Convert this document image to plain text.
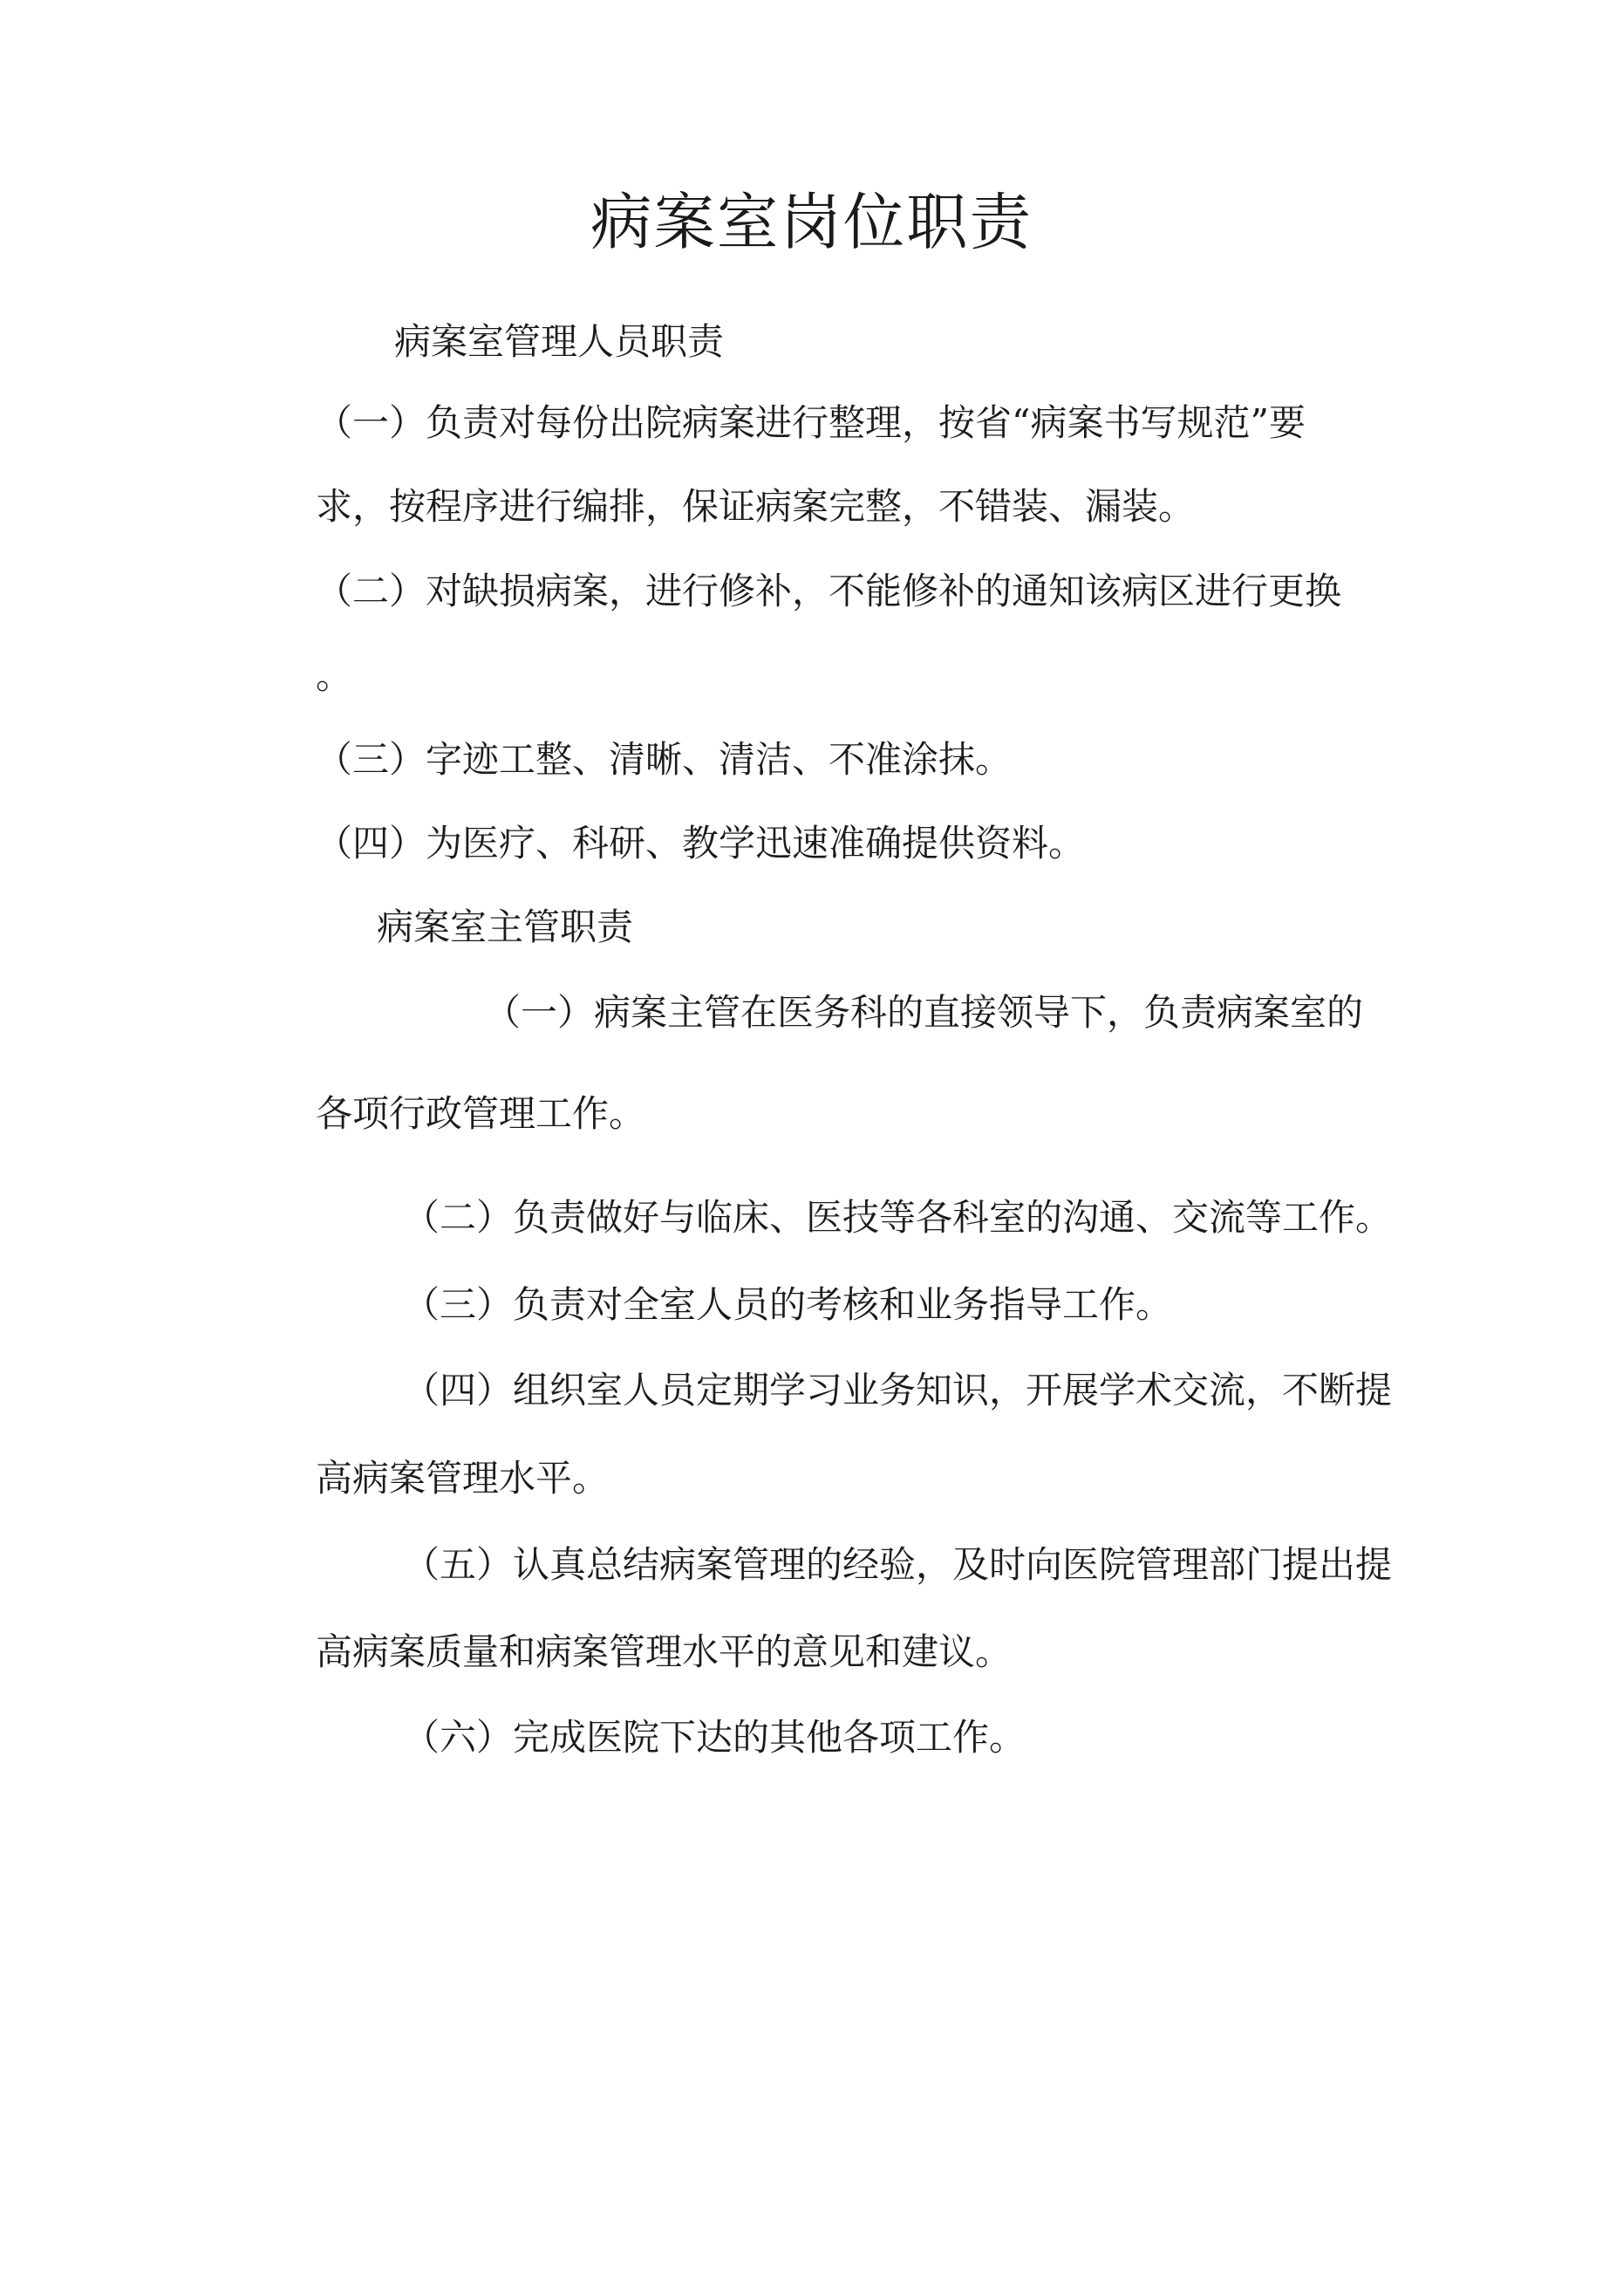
病案室岗位职责
病案室管理人员职责
（一）负责对每份出院病案进行整理，按省“病案书写规范”要
求，按程序进行编排，保证病案完整，不错装、漏装。
（二）对缺损病案，进行修补，不能修补的通知该病区进行更换
。
（三）字迹工整、清晰、清洁、不准涂抹。
（四）为医疗、科研、教学迅速准确提供资料。
病案室主管职责
（一）病案主管在医务科的直接领导下，负责病案室的
各项行政管理工作。
（二）负责做好与临床、医技等各科室的沟通、交流等工作。
（三）负责对全室人员的考核和业务指导工作。
（四）组织室人员定期学习业务知识，开展学术交流，不断提
高病案管理水平。
（五）认真总结病案管理的经验，及时向医院管理部门提出提
高病案质量和病案管理水平的意见和建议。
（六）完成医院下达的其他各项工作。
